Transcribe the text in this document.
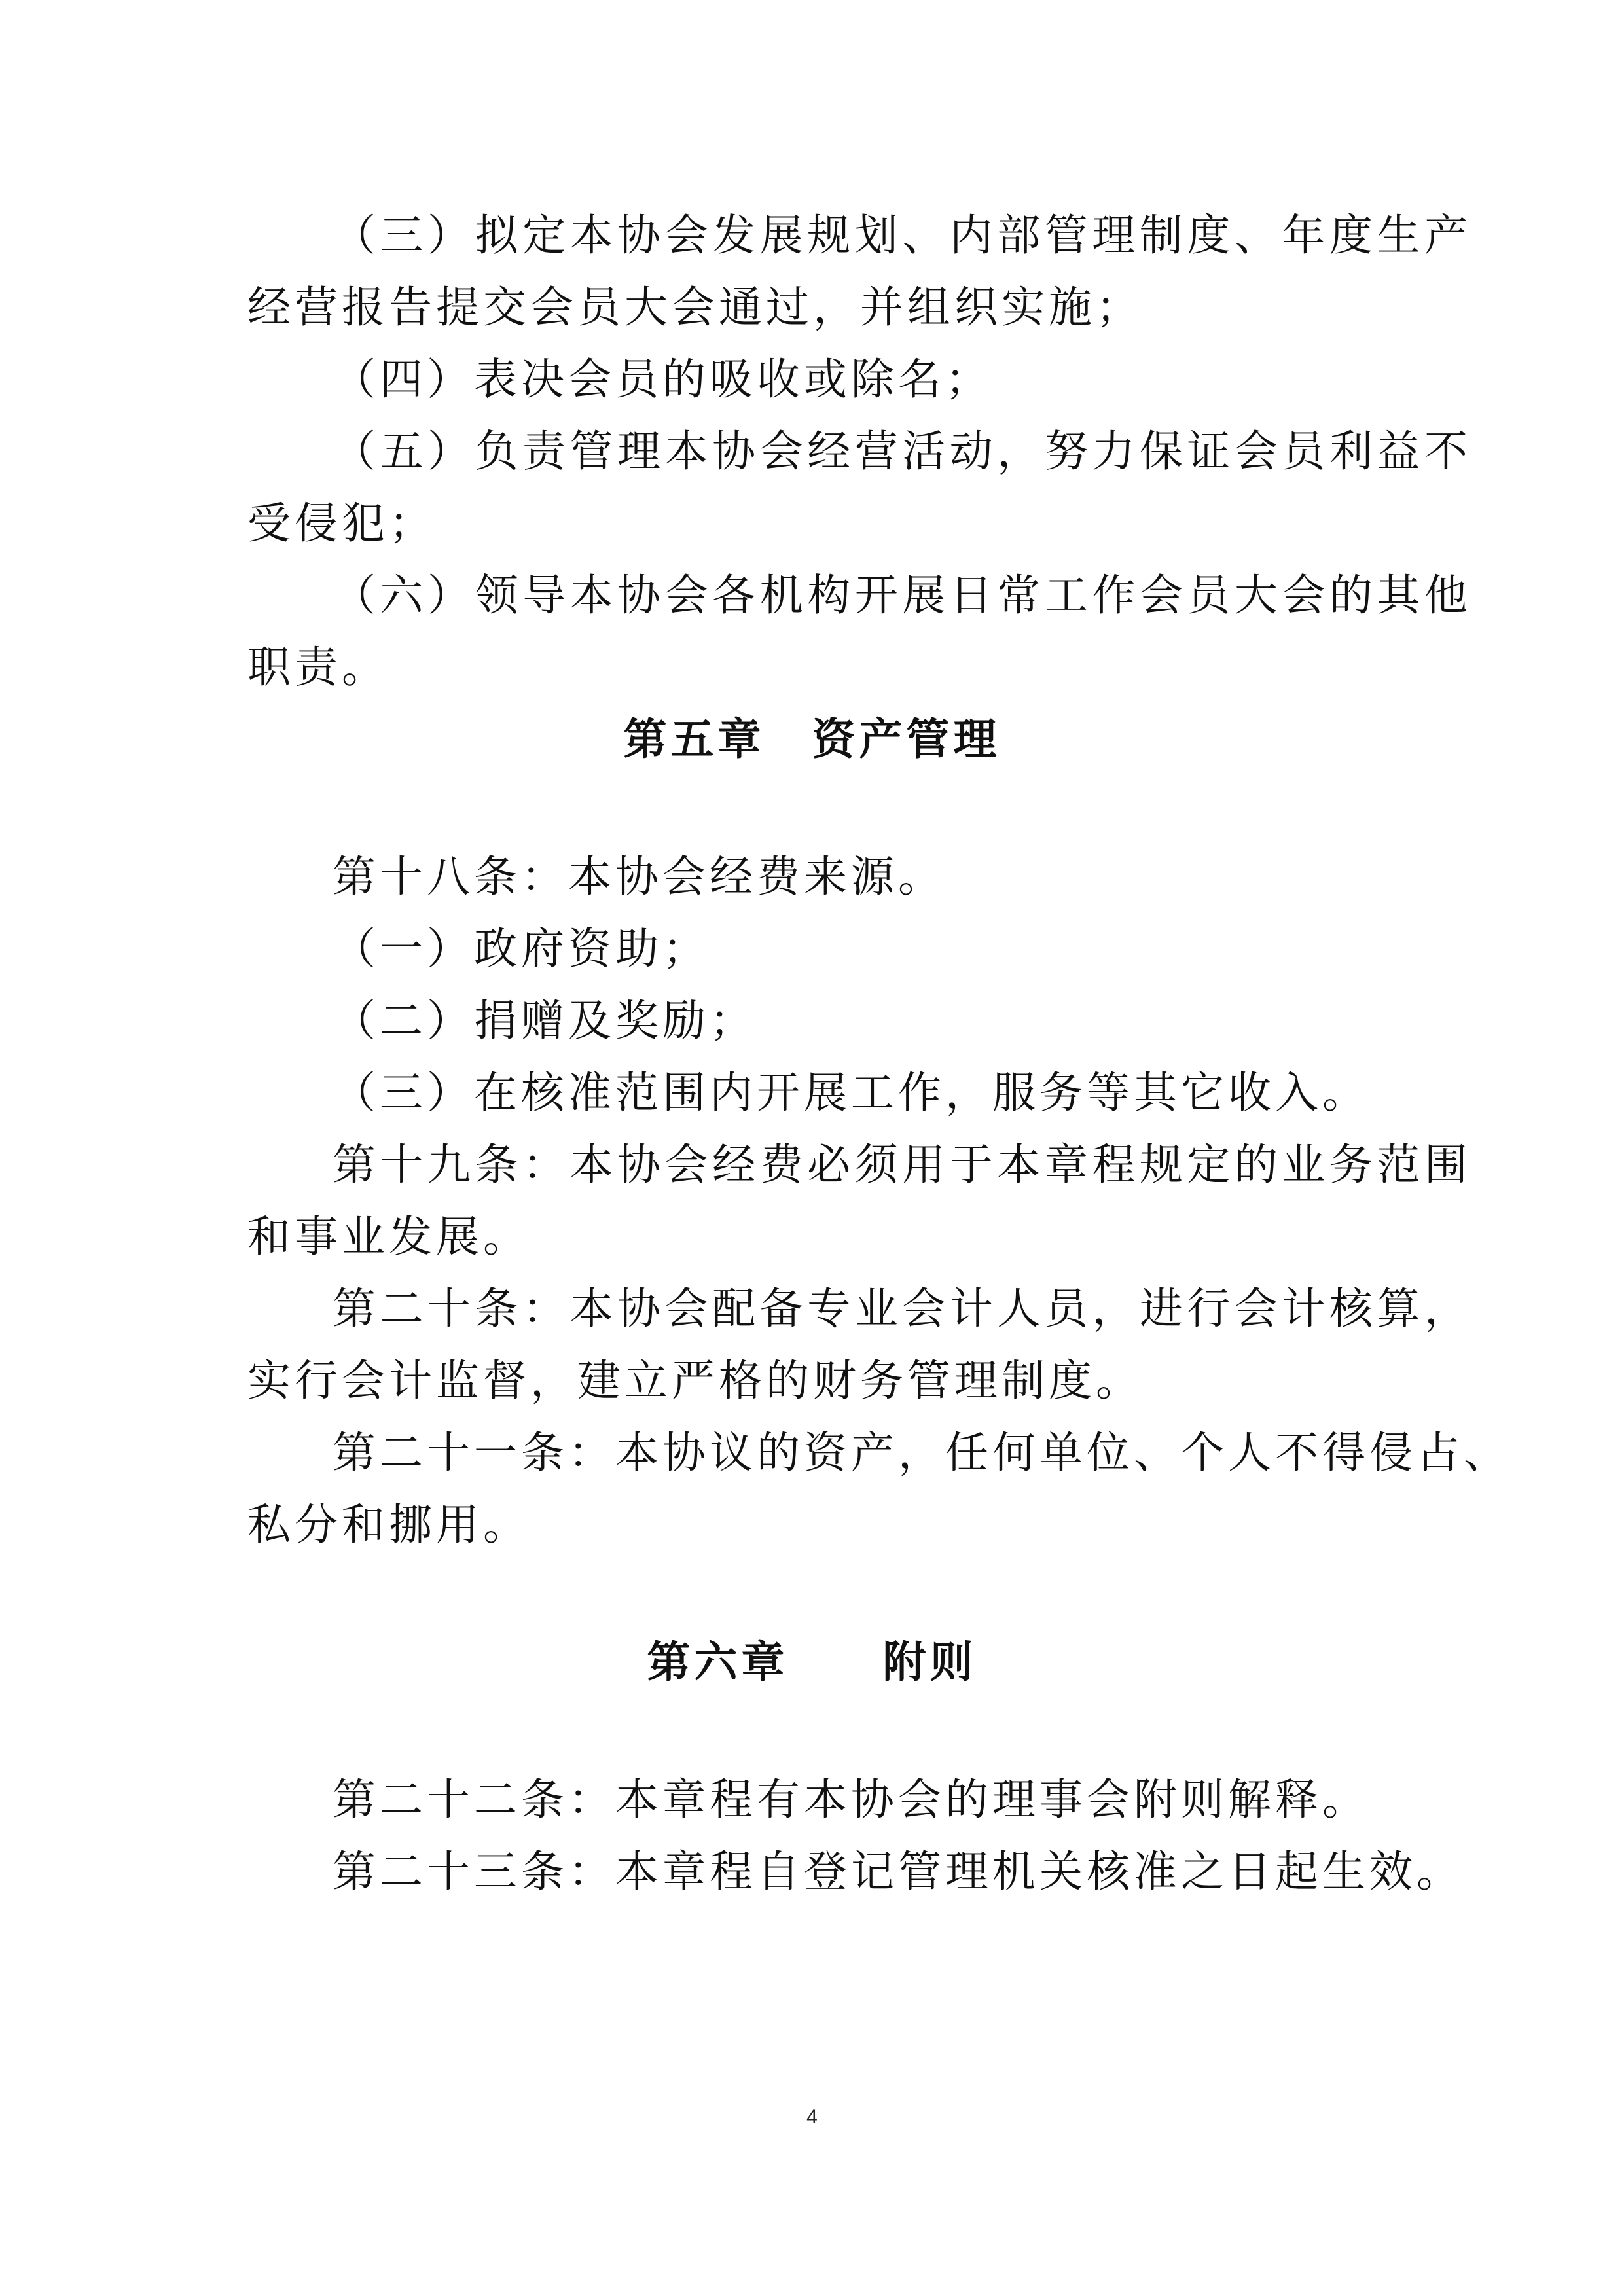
（三）拟定本协会发展规划、内部管理制度、年度生产
经营报告提交会员大会通过，并组织实施；
（四）表决会员的吸收或除名；
（五）负责管理本协会经营活动，努力保证会员利益不
受侵犯；
（六）领导本协会各机构开展日常工作会员大会的其他
职责。
第五章　资产管理
第十八条：本协会经费来源。
（一）政府资助；
（二）捐赠及奖励；
（三）在核准范围内开展工作，服务等其它收入。
第十九条：本协会经费必须用于本章程规定的业务范围
和事业发展。
第二十条：本协会配备专业会计人员，进行会计核算，
实行会计监督，建立严格的财务管理制度。
第二十一条：本协议的资产，任何单位、个人不得侵占、
私分和挪用。
第六章　　附则
第二十二条：本章程有本协会的理事会附则解释。
第二十三条：本章程自登记管理机关核准之日起生效。
4
